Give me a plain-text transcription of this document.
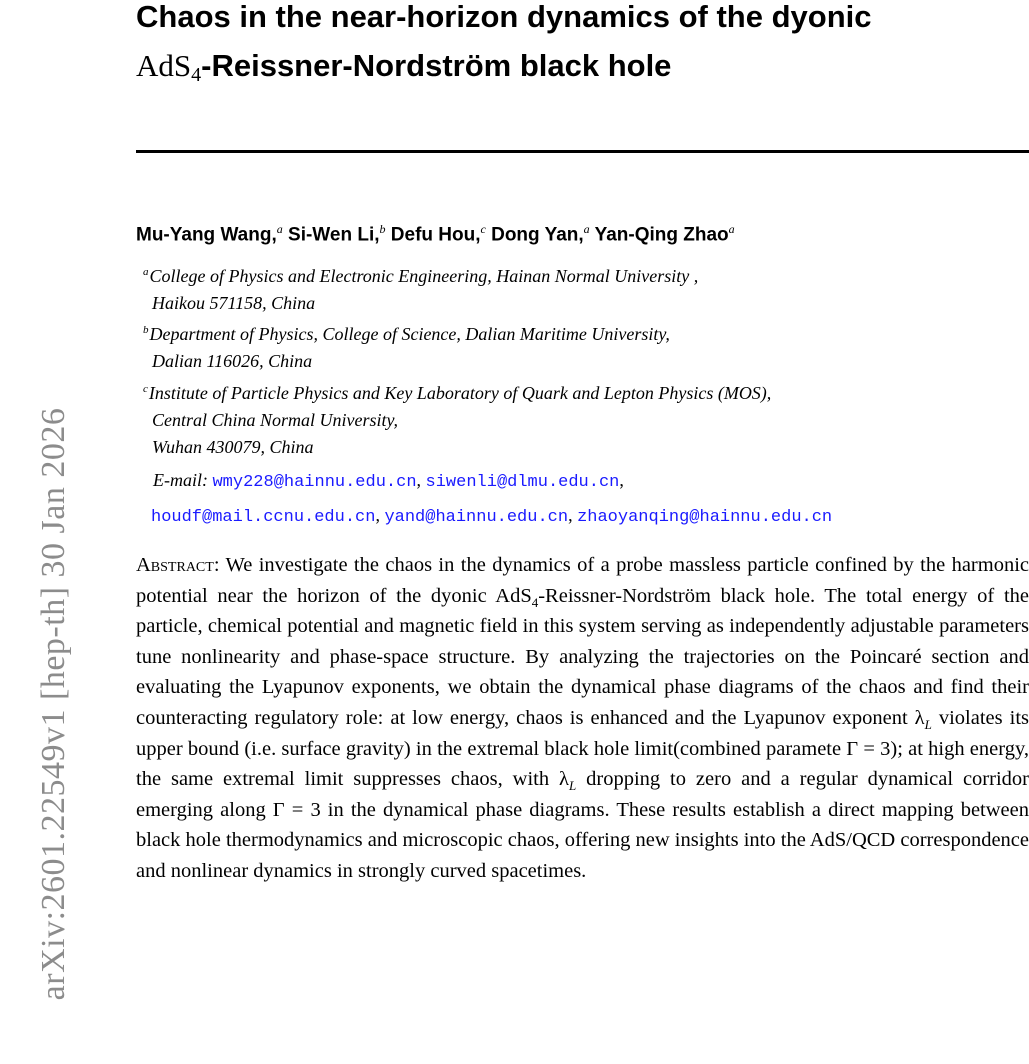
arXiv:2601.22549v1 [hep-th] 30 Jan 2026
Chaos in the near-horizon dynamics of the dyonic
AdS$_4$-Reissner-Nordström black hole
Mu-Yang Wang,$^a$ Si-Wen Li,$^b$ Defu Hou,$^c$ Dong Yan,$^a$ Yan-Qing Zhao$^a$
$^a$College of Physics and Electronic Engineering, Hainan Normal University ,
Haikou 571158, China
$^b$Department of Physics, College of Science, Dalian Maritime University,
Dalian 116026, China
$^c$Institute of Particle Physics and Key Laboratory of Quark and Lepton Physics (MOS),
Central China Normal University,
Wuhan 430079, China
E-mail: wmy228@hainnu.edu.cn, siwenli@dlmu.edu.cn,
houdf@mail.ccnu.edu.cn, yand@hainnu.edu.cn, zhaoyanqing@hainnu.edu.cn

Abstract: We investigate the chaos in the dynamics of a probe massless particle confined by the harmonic potential near the horizon of the dyonic AdS$_4$-Reissner-Nordström black hole. The total energy of the particle, chemical potential and magnetic field in this system serving as independently adjustable parameters tune nonlinearity and phase-space structure. By analyzing the trajectories on the Poincaré section and evaluating the Lyapunov exponents, we obtain the dynamical phase diagrams of the chaos and find their counteracting regulatory role: at low energy, chaos is enhanced and the Lyapunov exponent $\lambda_L$ violates its upper bound (i.e. surface gravity) in the extremal black hole limit(combined paramete Γ = 3); at high energy, the same extremal limit suppresses chaos, with $\lambda_L$ dropping to zero and a regular dynamical corridor emerging along Γ = 3 in the dynamical phase diagrams. These results establish a direct mapping between black hole thermodynamics and microscopic chaos, offering new insights into the AdS/QCD correspondence and nonlinear dynamics in strongly curved spacetimes.
